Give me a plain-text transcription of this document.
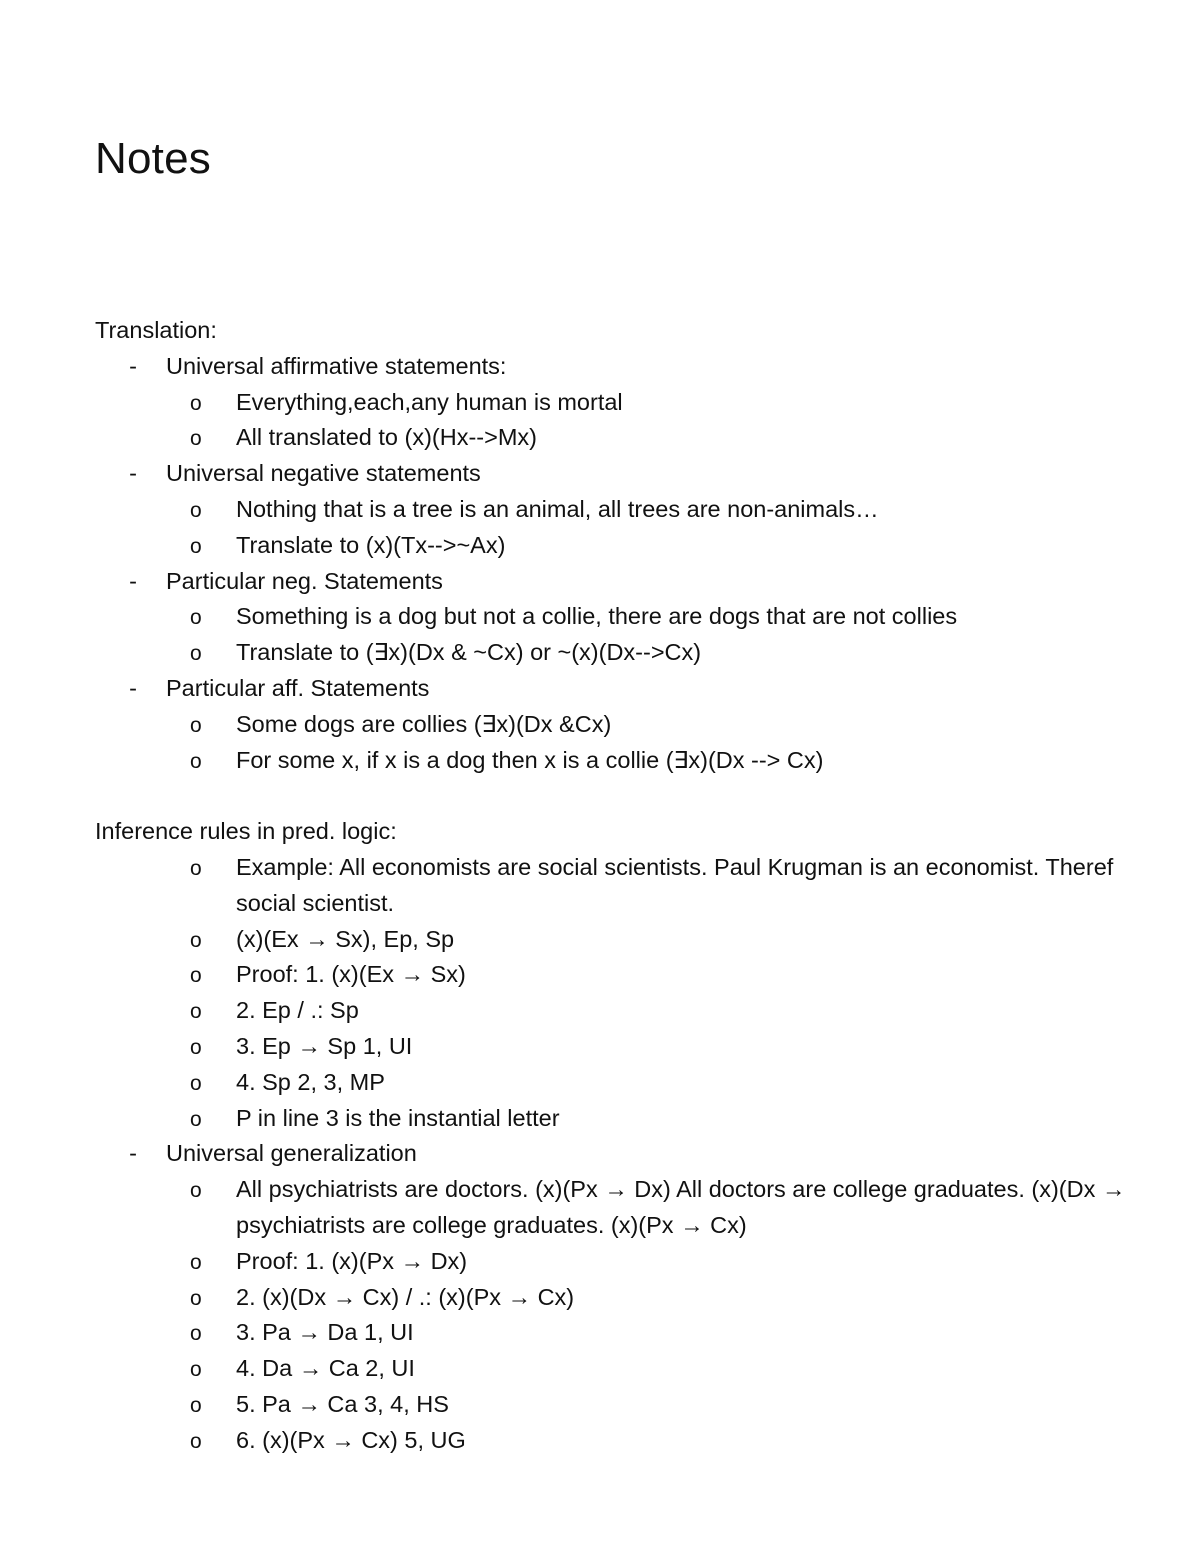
Notes
Translation:
- Universal affirmative statements:
o Everything,each,any human is mortal
o All translated to (x)(Hx-->Mx)
- Universal negative statements
o Nothing that is a tree is an animal, all trees are non-animals…
o Translate to (x)(Tx-->~Ax)
- Particular neg. Statements
o Something is a dog but not a collie, there are dogs that are not collies
o Translate to (∃x)(Dx & ~Cx) or ~(x)(Dx-->Cx)
- Particular aff. Statements
o Some dogs are collies (∃x)(Dx &Cx)
o For some x, if x is a dog then x is a collie (∃x)(Dx --> Cx)
Inference rules in pred. logic:
o Example: All economists are social scientists. Paul Krugman is an economist. Theref
social scientist.
o (x)(Ex → Sx), Ep, Sp
o Proof: 1. (x)(Ex → Sx)
o 2. Ep / .: Sp
o 3. Ep → Sp 1, UI
o 4. Sp 2, 3, MP
o P in line 3 is the instantial letter
- Universal generalization
o All psychiatrists are doctors. (x)(Px → Dx) All doctors are college graduates. (x)(Dx →
psychiatrists are college graduates. (x)(Px → Cx)
o Proof: 1. (x)(Px → Dx)
o 2. (x)(Dx → Cx) / .: (x)(Px → Cx)
o 3. Pa → Da 1, UI
o 4. Da → Ca 2, UI
o 5. Pa → Ca 3, 4, HS
o 6. (x)(Px → Cx) 5, UG
